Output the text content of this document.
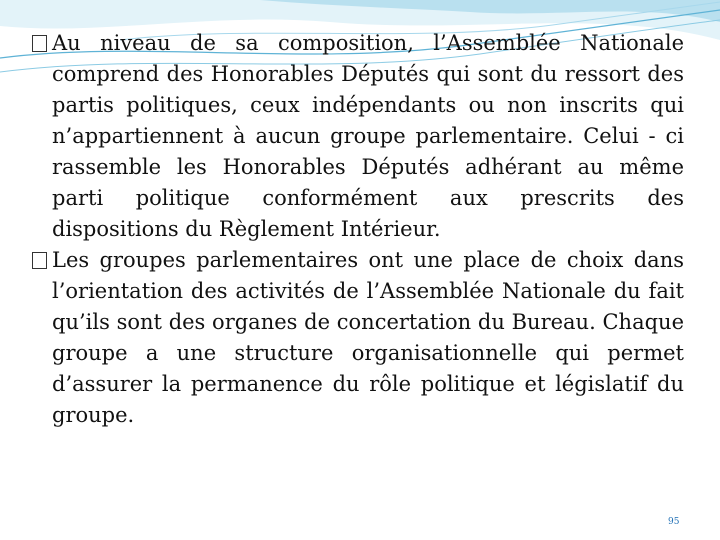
Au niveau de sa composition, l’Assemblée Nationale comprend des Honorables Députés qui sont du ressort des partis politiques, ceux indépendants ou non inscrits qui n’appartiennent à aucun groupe parlementaire. Celui - ci rassemble les Honorables Députés adhérant au même parti politique conformément aux prescrits des dispositions du Règlement Intérieur.

Les groupes parlementaires ont une place de choix dans l’orientation des activités de l’Assemblée Nationale du fait qu’ils sont des organes de concertation du Bureau. Chaque groupe a une structure organisationnelle qui permet d’assurer la permanence du rôle politique et législatif du groupe.

95
